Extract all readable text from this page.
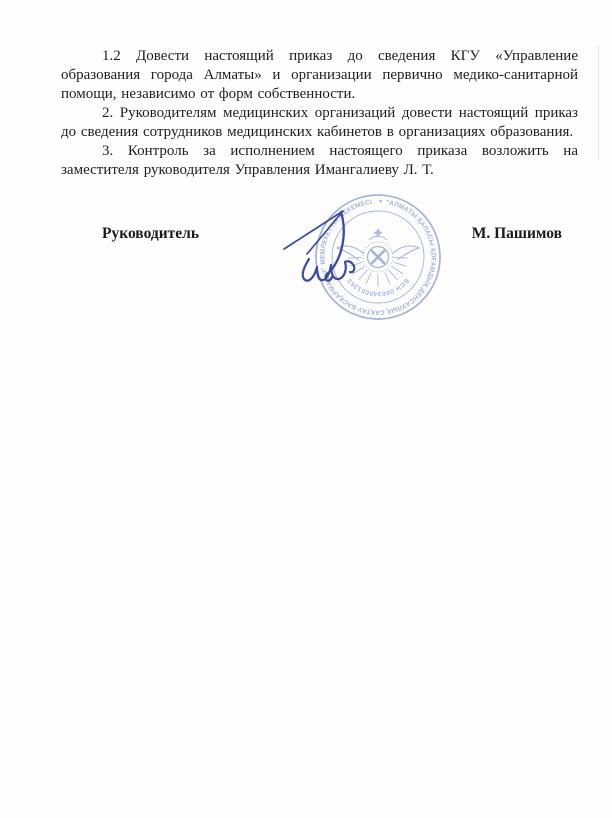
1.2 Довести настоящий приказ до сведения КГУ «Управление образования города Алматы» и организации первично медико-санитарной помощи, независимо от форм собственности.

2. Руководителям медицинских организаций довести настоящий приказ до сведения сотрудников медицинских кабинетов в организациях образования.

3. Контроль за исполнением настоящего приказа возложить на заместителя руководителя Управления Имангалиеву Л. Т.

Руководитель	М. Пашимов
✦ "АЛМАТЫ ҚАЛАСЫ ҚОҒАМДЫҚ ДЕНСАУЛЫҚ САҚТАУ БАСҚАРМАСЫ" МЕМЛЕКЕТТІК МЕКЕМЕСІ
БСН 000340001363
